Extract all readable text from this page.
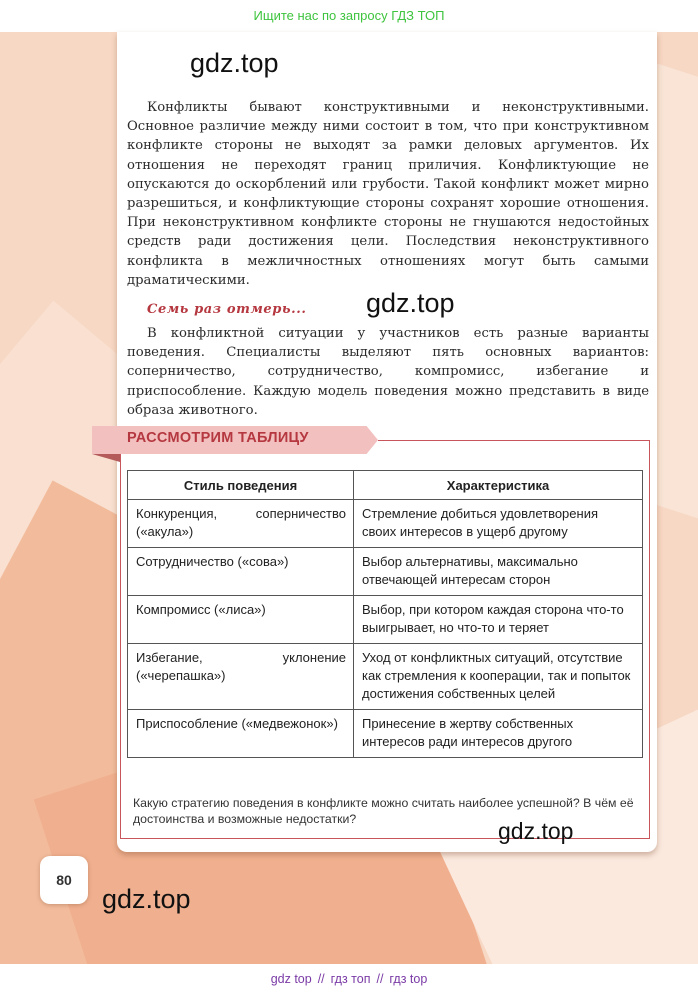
Ищите нас по запросу ГДЗ ТОП
gdz.top

Конфликты бывают конструктивными и неконструктивными. Основное различие между ними состоит в том, что при конструктивном конфликте стороны не выходят за рамки деловых аргументов. Их отношения не переходят границ приличия. Конфликтующие не опускаются до оскорблений или грубости. Такой конфликт может мирно разрешиться, и конфликтующие стороны сохранят хорошие отношения. При неконструктивном конфликте стороны не гнушаются недостойных средств ради достижения цели. Последствия неконструктивного конфликта в межличностных отношениях могут быть самыми драматическими.

Семь раз отмерь... gdz.top

В конфликтной ситуации у участников есть разные варианты поведения. Специалисты выделяют пять основных вариантов: соперничество, сотрудничество, компромисс, избегание и приспособление. Каждую модель поведения можно представить в виде образа животного.

РАССМОТРИМ ТАБЛИЦУ
Стиль поведения	Характеристика
Конкуренция, соперничество («акула»)	Стремление добиться удовлетворения своих интересов в ущерб другому
Сотрудничество («сова»)	Выбор альтернативы, максимально отвечающей интересам сторон
Компромисс («лиса»)	Выбор, при котором каждая сторона что-то выигрывает, но что-то и теряет
Избегание, уклонение («черепашка»)	Уход от конфликтных ситуаций, отсутствие как стремления к кооперации, так и попыток достижения собственных целей
Приспособление («медвежонок»)	Принесение в жертву собственных интересов ради интересов другого

Какую стратегию поведения в конфликте можно считать наиболее успешной? В чём её достоинства и возможные недостатки?	gdz.top
80
gdz.top
gdz top // гдз топ // гдз top
